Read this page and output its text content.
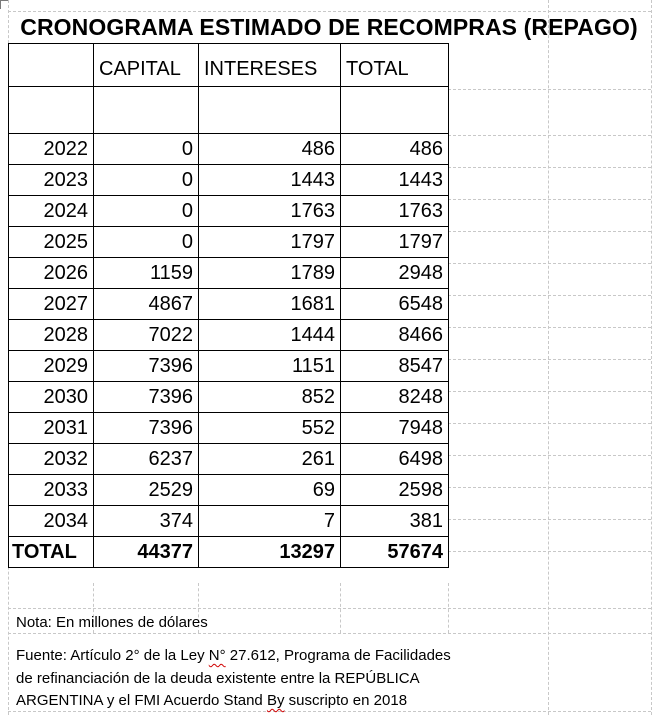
CRONOGRAMA ESTIMADO DE RECOMPRAS (REPAGO)
	CAPITAL	INTERESES	TOTAL

2022	0	486	486
2023	0	1443	1443
2024	0	1763	1763
2025	0	1797	1797
2026	1159	1789	2948
2027	4867	1681	6548
2028	7022	1444	8466
2029	7396	1151	8547
2030	7396	852	8248
2031	7396	552	7948
2032	6237	261	6498
2033	2529	69	2598
2034	374	7	381
TOTAL	44377	13297	57674
Nota: En millones de dólares
Fuente: Artículo 2° de la Ley N° 27.612, Programa de Facilidades
de refinanciación de la deuda existente entre la REPÚBLICA
ARGENTINA y el FMI Acuerdo Stand By suscripto en 2018
